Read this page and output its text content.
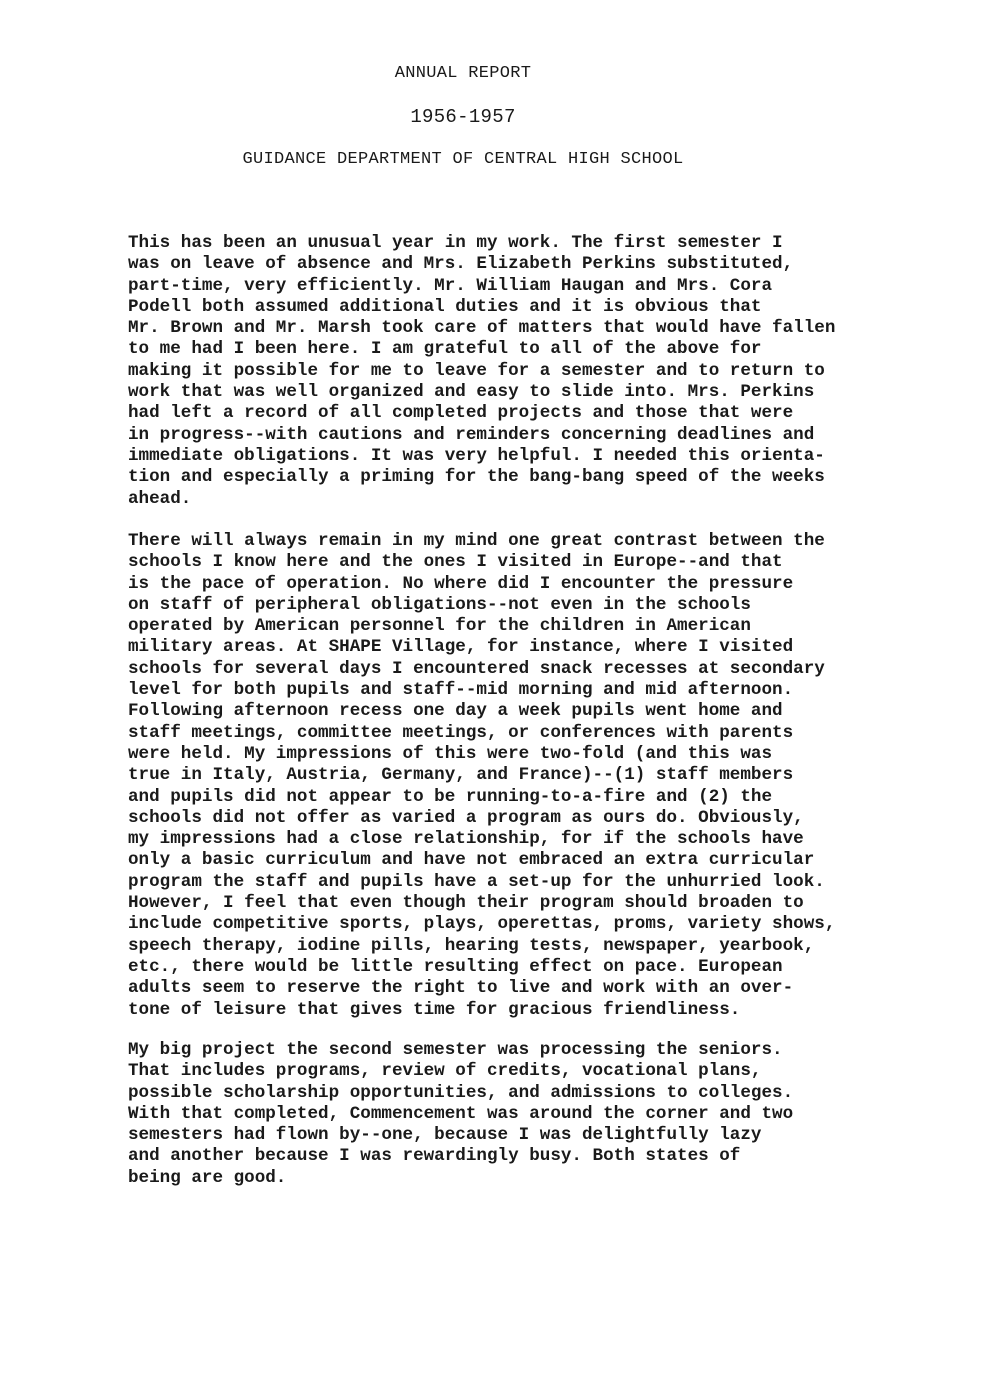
ANNUAL REPORT
1956-1957
GUIDANCE DEPARTMENT OF CENTRAL HIGH SCHOOL
This has been an unusual year in my work. The first semester I
was on leave of absence and Mrs. Elizabeth Perkins substituted,
part-time, very efficiently. Mr. William Haugan and Mrs. Cora
Podell both assumed additional duties and it is obvious that
Mr. Brown and Mr. Marsh took care of matters that would have fallen
to me had I been here. I am grateful to all of the above for
making it possible for me to leave for a semester and to return to
work that was well organized and easy to slide into. Mrs. Perkins
had left a record of all completed projects and those that were
in progress--with cautions and reminders concerning deadlines and
immediate obligations. It was very helpful. I needed this orienta-
tion and especially a priming for the bang-bang speed of the weeks
ahead.
There will always remain in my mind one great contrast between the
schools I know here and the ones I visited in Europe--and that
is the pace of operation. No where did I encounter the pressure
on staff of peripheral obligations--not even in the schools
operated by American personnel for the children in American
military areas. At SHAPE Village, for instance, where I visited
schools for several days I encountered snack recesses at secondary
level for both pupils and staff--mid morning and mid afternoon.
Following afternoon recess one day a week pupils went home and
staff meetings, committee meetings, or conferences with parents
were held. My impressions of this were two-fold (and this was
true in Italy, Austria, Germany, and France)--(1) staff members
and pupils did not appear to be running-to-a-fire and (2) the
schools did not offer as varied a program as ours do. Obviously,
my impressions had a close relationship, for if the schools have
only a basic curriculum and have not embraced an extra curricular
program the staff and pupils have a set-up for the unhurried look.
However, I feel that even though their program should broaden to
include competitive sports, plays, operettas, proms, variety shows,
speech therapy, iodine pills, hearing tests, newspaper, yearbook,
etc., there would be little resulting effect on pace. European
adults seem to reserve the right to live and work with an over-
tone of leisure that gives time for gracious friendliness.
My big project the second semester was processing the seniors.
That includes programs, review of credits, vocational plans,
possible scholarship opportunities, and admissions to colleges.
With that completed, Commencement was around the corner and two
semesters had flown by--one, because I was delightfully lazy
and another because I was rewardingly busy. Both states of
being are good.
